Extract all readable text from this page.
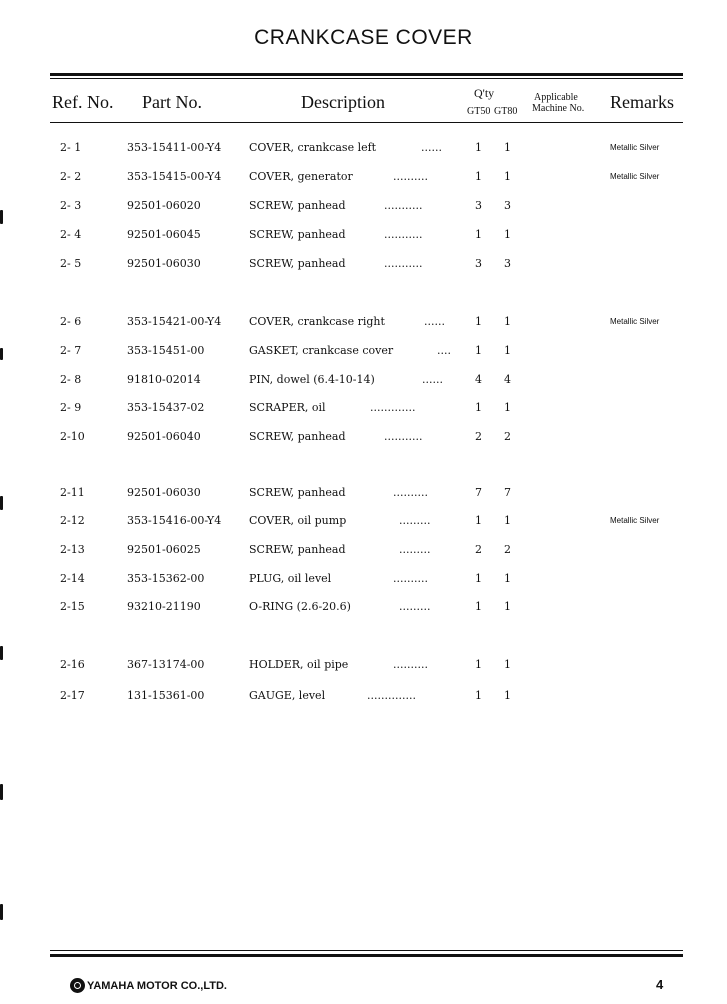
CRANKCASE COVER
Ref. No. Part No.	Description	Q'ty
GT50 GT80
Applicable
Machine No. Remarks
2- 1	353-15411-00-Y4	COVER, crankcase left	......	1 1	Metallic Silver
2- 2	353-15415-00-Y4	COVER, generator	..........	1 1	Metallic Silver
2- 3	92501-06020	SCREW, panhead	...........	3 3
2- 4	92501-06045	SCREW, panhead	...........	1 1
2- 5	92501-06030	SCREW, panhead	...........	3 3
2- 6	353-15421-00-Y4	COVER, crankcase right	......	1 1	Metallic Silver
2- 7	353-15451-00	GASKET, crankcase cover	.... 1 1
2- 8	91810-02014	PIN, dowel (6.4-10-14)	......	4 4
2- 9	353-15437-02	SCRAPER, oil	.............	1 1
2-10	92501-06040	SCREW, panhead	...........	2 2
2-11	92501-06030	SCREW, panhead	..........	7 7
2-12	353-15416-00-Y4	COVER, oil pump	.........	1 1	Metallic Silver
2-13	92501-06025	SCREW, panhead	.........	2 2
2-14	353-15362-00	PLUG, oil level	..........	1 1
2-15	93210-21190	O-RING (2.6-20.6)	.........	1 1
2-16	367-13174-00	HOLDER, oil pipe	..........	1 1
2-17	131-15361-00	GAUGE, level	..............	1 1
YAMAHA MOTOR CO.,LTD.	4
